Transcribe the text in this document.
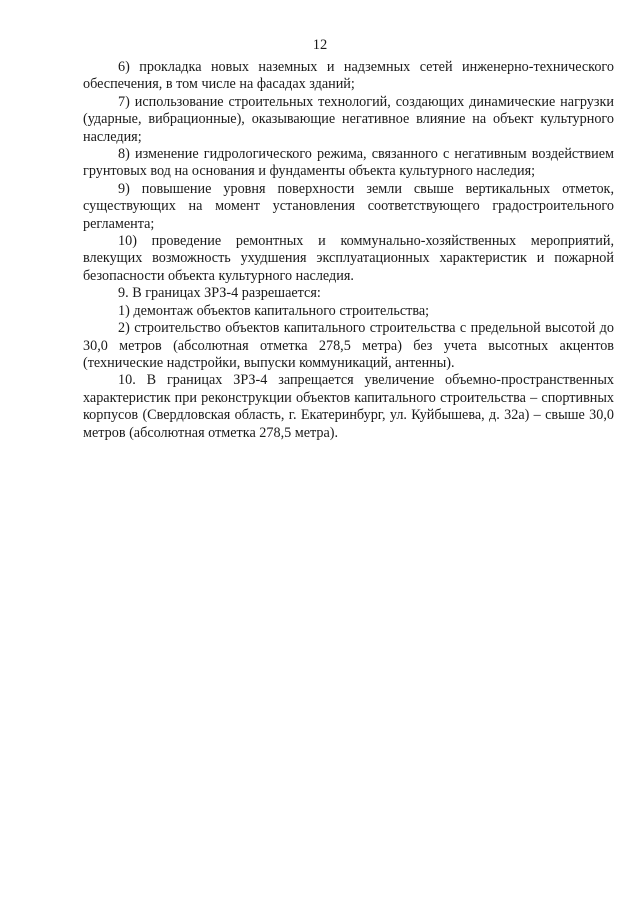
12

6) прокладка новых наземных и надземных сетей инженерно-технического обеспечения, в том числе на фасадах зданий;

7) использование строительных технологий, создающих динамические нагрузки (ударные, вибрационные), оказывающие негативное влияние на объект культурного наследия;

8) изменение гидрологического режима, связанного с негативным воздействием грунтовых вод на основания и фундаменты объекта культурного наследия;

9) повышение уровня поверхности земли свыше вертикальных отметок, существующих на момент установления соответствующего градостроительного регламента;

10) проведение ремонтных и коммунально-хозяйственных мероприятий, влекущих возможность ухудшения эксплуатационных характеристик и пожарной безопасности объекта культурного наследия.

9. В границах ЗРЗ-4 разрешается:

1) демонтаж объектов капитального строительства;

2) строительство объектов капитального строительства с предельной высотой до 30,0 метров (абсолютная отметка 278,5 метра) без учета высотных акцентов (технические надстройки, выпуски коммуникаций, антенны).

10. В границах ЗРЗ-4 запрещается увеличение объемно-пространственных характеристик при реконструкции объектов капитального строительства – спортивных корпусов (Свердловская область, г. Екатеринбург, ул. Куйбышева, д. 32а) – свыше 30,0 метров (абсолютная отметка 278,5 метра).
